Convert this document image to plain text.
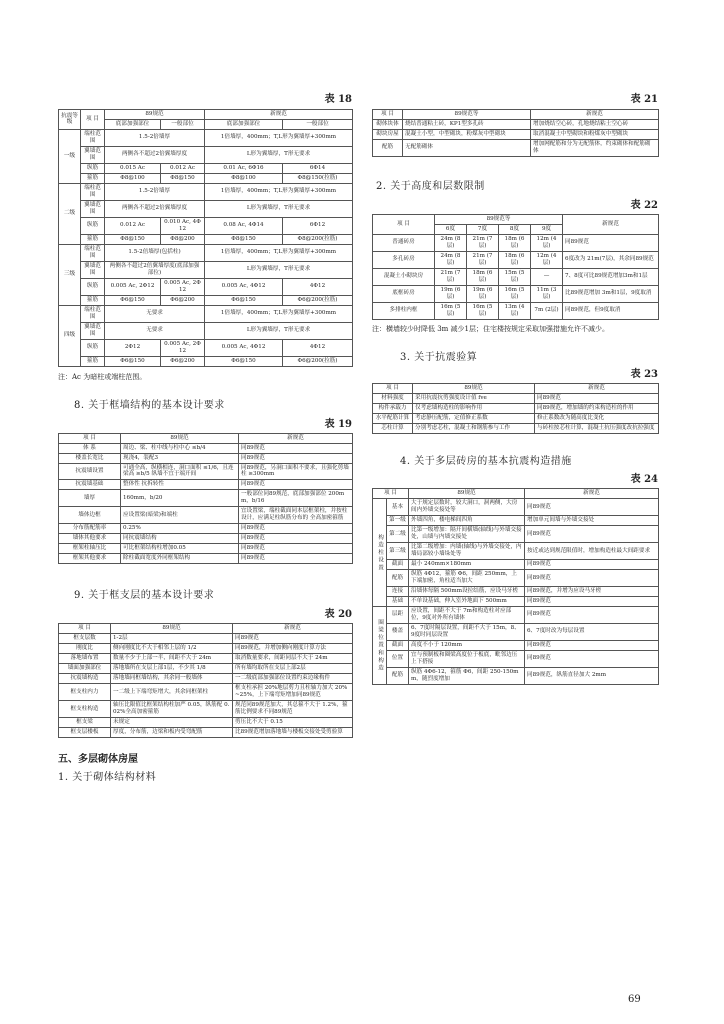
表 18
抗震等级	项 目	89规范		新规范	
		底部加强部位	一般部位	底部加强部位	一般部位
一级	端柱范围	1.5-2倍墙厚		1倍墙厚，400mm；T,L形为翼墙厚+300mm	
	翼墙范围	两侧各不超过2倍翼墙厚度		L形为翼墙厚，T形无要求	
	纵筋	0.015 Ac	0.012 Ac	0.01 Ac, 6Φ16	6Φ14
	箍筋	Φ8@100	Φ8@150	Φ8@100	Φ8@150(拉筋)
二级	端柱范围	1.5-2倍墙厚		1倍墙厚，400mm；T,L形为翼墙厚+300mm	
	翼墙范围	两侧各不超过2倍翼墙厚度		L形为翼墙厚，T形无要求	
	纵筋	0.012 Ac	0.010 Ac, 4Φ12	0.08 Ac, 4Φ14	6Φ12
	箍筋	Φ8@150	Φ8@200	Φ8@150	Φ8@200(拉筋)
三级	端柱范围	1.5-2倍墙厚(包括柱)		1倍墙厚，400mm；T,L形为翼墙厚+300mm	
	翼墙范围	两侧各不超过2倍翼墙厚度(底部加强部位)		L形为翼墙厚，T形无要求	
	纵筋	0.005 Ac, 2Φ12	0.005 Ac, 2Φ12	0.005 Ac, 4Φ12	4Φ12
	箍筋	Φ6@150	Φ6@200	Φ6@150	Φ6@200(拉筋)
四级	端柱范围	无要求		1倍墙厚，400mm；T,L形为翼墙厚+300mm	
	翼墙范围	无要求		L形为翼墙厚，T形无要求	
	纵筋	2Φ12	0.005 Ac, 2Φ12	0.005 Ac, 4Φ12	4Φ12
	箍筋	Φ6@150	Φ6@200	Φ6@150	Φ6@200(拉筋)
注：Ac 为暗柱或端柱范围。
8. 关于框墙结构的基本设计要求
表 19
项 目	89规范	新规范
体 系	周边、梁、柱中线与柱中心 ≤b/4	同89规范
楼盖长宽比	现浇4，装配3	同89规范
抗震墙设置	可通全高，纵横相连，洞口面积 ≤1/6，且连梁高 ≥b/5 纵墙不宜于端开间	同89规范，另洞口面积不要求，且强化剪墙柱 ≥300mm
抗震墙基础	整体性 抗拆转性	同89规范
墙厚	160mm，b/20	一般部位同89规范，底部加强部位 200mm，b/16
墙体边框	应设置梁(暗梁)和端柱	宜设置梁，端柱截面同本层框架柱，并按柱设计，应满足柱纵筋分布的 全高加密箍筋
分布筋配筋率	0.25%	同89规范
墙体其他要求	同抗震墙结构	同89规范
框架柱轴压比	可比框架结构柱增加0.05	同89规范
框架其他要求	除柱截面宽度外同框架结构	同89规范
9. 关于框支层的基本设计要求
表 20
项 目	89规范	新规范
框支层数	1-2层	同89规范
刚度比	侧向刚度比不大于相邻上层的 1/2	同89规范，并增加侧向刚度计算方法
落地墙布置	数量不少于上部一半，间距不大于 24m	取消数量要求，间距同层不大于 24m
墙面加强部位	落地墙所在支层上部1层，不少其 1/8	所有墙均取所在支层上部2层
抗震墙构造	落地墙同框墙结构，其余同一般墙体	一二级底部加强部位设置约束边缘构件
框支柱内力	一二级上下端弯矩增大，其余同框架柱	框支柱承担 20%地层剪力且柱轴力加大 20%~25%，上下端弯矩增加同89规范
框支柱构造	轴压比限值比框架结构柱加严 0.05，纵筋配 0.02%全高加密箍筋	规范同89规范加大，其总箍不大于 1.2%，箍筋比例要求不同89规范
框支梁	未规定	剪压比不大于 0.15
框支层楼板	厚度，分布筋，边梁和板内受弯配筋	比89规范增加落地墙与楼板交接处受剪验算
五、多层砌体房屋
1. 关于砌体结构材料
表 21
项 目	89规范等	新规范
砌体块体	烧结普通粘土砖，KP1型多孔砖	增加烧结空心砖，孔地烧结粘土空心砖
砌块房屋	混凝土小型，中型砌块，粉煤灰中型砌块	取消混凝土中型砌块和粉煤灰中型砌块
配筋	无配筋砌体	增加网配筋和分为无配筋体，约束砌体和配筋砌体
2. 关于高度和层数限制
表 22
项 目	89规范等				新规范
	6度	7度	8度	9度	
普通砖房	24m (8层)	21m (7层)	18m (6层)	12m (4层)	同89规范
多孔砖房	24m (8层)	21m (7层)	18m (6层)	12m (4层)	6度改为 21m(7层)，其余同89规范
混凝土小砌块房	21m (7层)	18m (6层)	15m (5层)	—	7、8度可比89规范增加3m和1层
底框砖房	19m (6层)	19m (6层)	16m (5层)	11m (3层)	比89规范增加 3m和1层，9度取消
多排柱内框	16m (5层)	16m (5层)	13m (4层)	7m (2层)	同89规范，但9度取消
注：横墙较少时降低 3m 减少1层；住宅楼按规定采取加强措施允许不减少。
3. 关于抗震验算
表 23
项 目	89规范	新规范
材料强度	采用抗震抗剪强度设计值 fve	同89规范
构件承载力	仅考虑墙构造柱的影响作用	同89规范，增加墙的约束构造柱的作用
水平配筋计算	考虑静压配筋，定值修正系数	修正系数改为随高度比变化
芯柱计算	分别考虑芯柱，混凝土和钢筋参与工作	与砖柱按芯柱计算，混凝土抗压强度改抗拉强度
4. 关于多层砖房的基本抗震构造措施
表 24
项 目		89规范	新规范
构造柱设置	基本	大于规定层数时，较大洞口，洞两侧，大房间内外墙交接处等	同89规范
	第一级	外墙四角，楼电梯间四角	增加单元间墙与外墙交接处
	第二级	比第一级增加：隔开间横墙(轴线)与外墙交接处，山墙与内墙交接处	同89规范
	第三级	比第二级增加：内墙(轴线)与外墙交接处，内墙局部较小墙垛处等	按近或达到规范限值时，增加构造柱最大间距要求
	截面	最小 240mm×180mm	同89规范
	配筋	纵筋 4Φ12，箍筋 Φ6，间距 250mm，上下端加密，角柱适当加大	同89规范
	连接	沿墙体每隔 500mm设拉结筋，应设马牙槎	同89规范，并增为应设马牙槎
	基础	不单设基础，伸入室外地面下 500mm	同89规范
圈梁位置和构造	层距	应设置，间距不大于 7m和构造柱对应部位，9度对外所有墙体	同89规范
	楼盖	6、7度时隔层设置，间距不大于 15m，8、9度时同层设置	6、7度时改为每层设置
	截面	高度不小于 120mm	同89规范
	位置	宜与预制板和圈梁高度位于板底，毗邻边压上下搭接	同89规范
	配筋	纵筋 4Φ6-12，箍筋 Φ6，间距 250-150mm，随烈度增加	同89规范，纵筋直径加大 2mm
69
